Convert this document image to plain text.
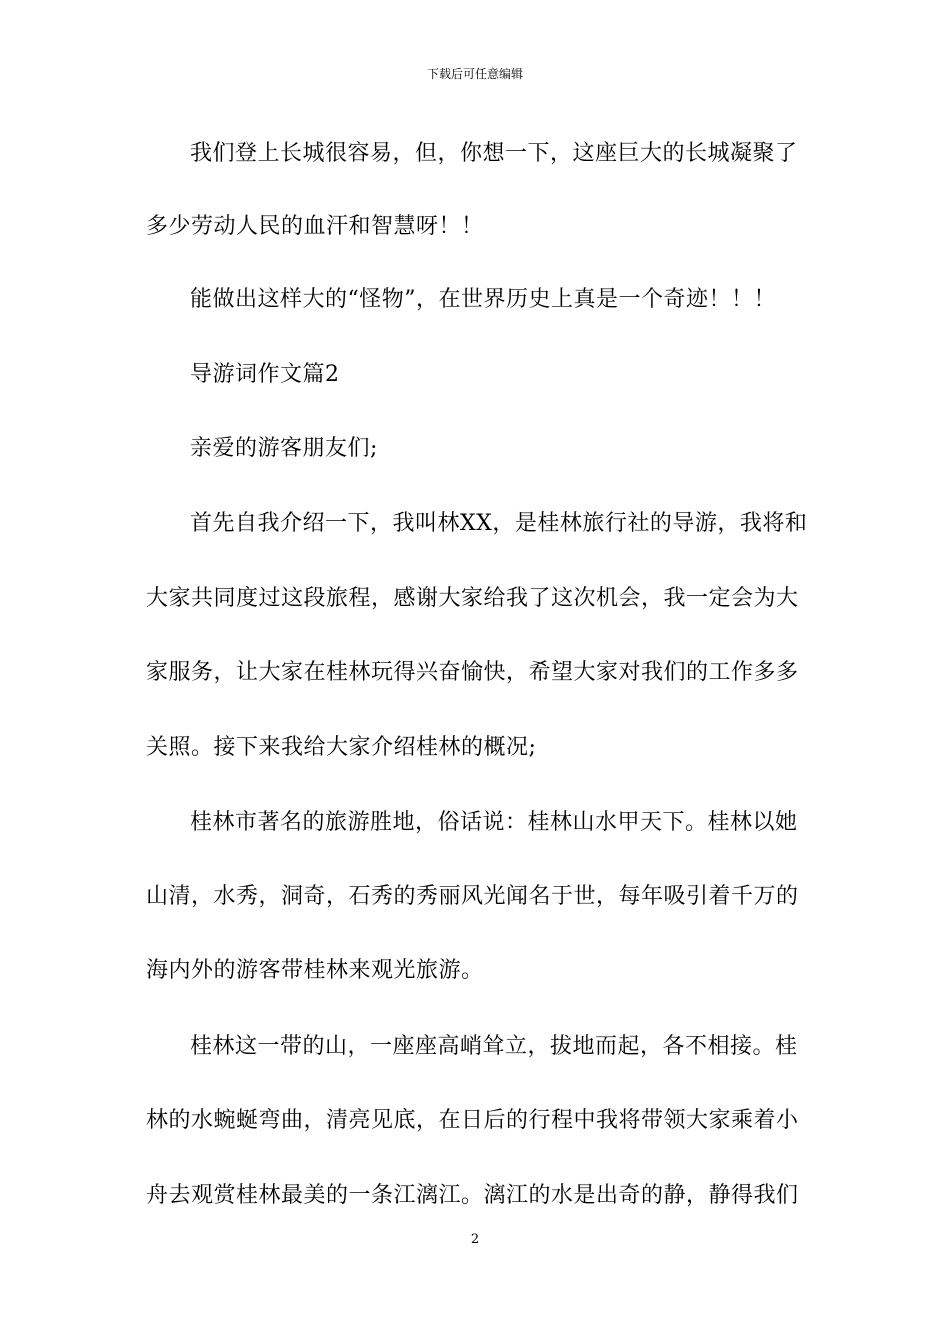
下载后可任意编辑
我们登上长城很容易，但，你想一下，这座巨大的长城凝聚了
多少劳动人民的血汗和智慧呀！！
能做出这样大的“怪物”，在世界历史上真是一个奇迹！！！
导游词作文篇2
亲爱的游客朋友们;
首先自我介绍一下，我叫林XX，是桂林旅行社的导游，我将和
大家共同度过这段旅程，感谢大家给我了这次机会，我一定会为大
家服务，让大家在桂林玩得兴奋愉快，希望大家对我们的工作多多
关照。接下来我给大家介绍桂林的概况;
桂林市著名的旅游胜地，俗话说：桂林山水甲天下。桂林以她
山清，水秀，洞奇，石秀的秀丽风光闻名于世，每年吸引着千万的
海内外的游客带桂林来观光旅游。
桂林这一带的山，一座座高峭耸立，拔地而起，各不相接。桂
林的水蜿蜒弯曲，清亮见底，在日后的行程中我将带领大家乘着小
舟去观赏桂林最美的一条江漓江。漓江的水是出奇的静，静得我们
2
